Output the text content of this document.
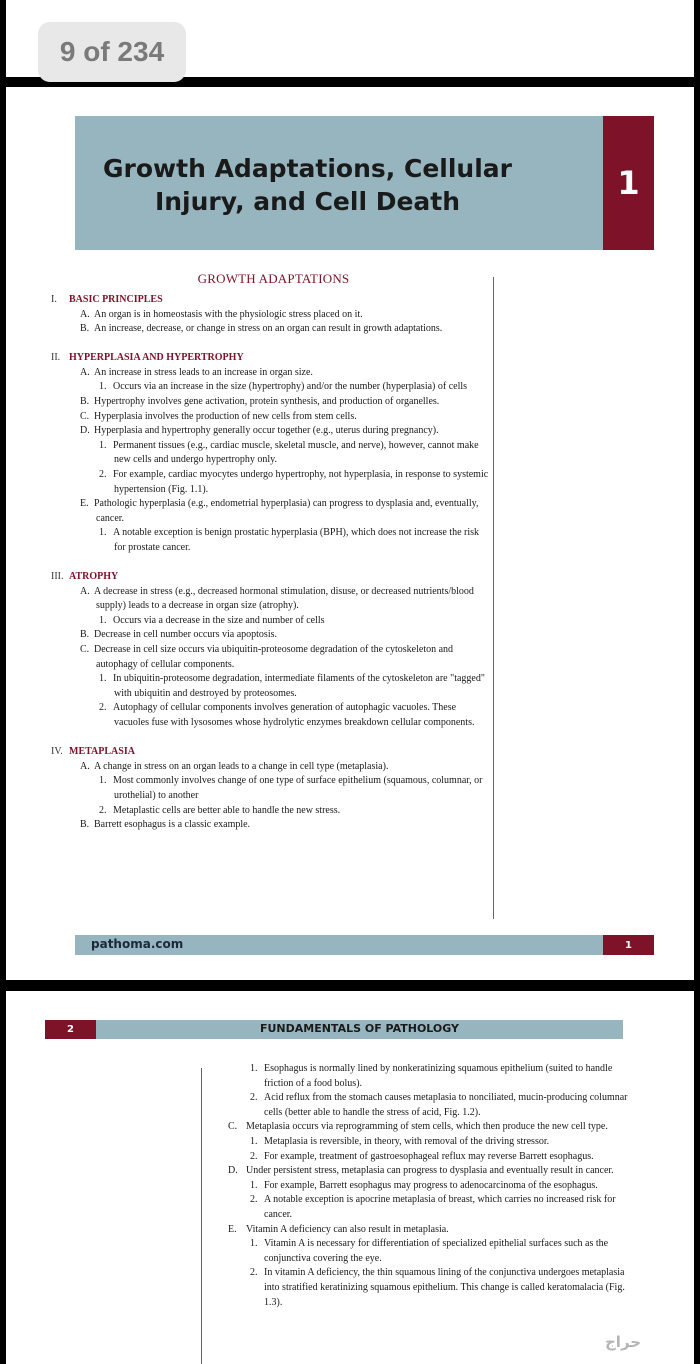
9 of 234
Growth Adaptations, Cellular
Injury, and Cell Death	1
GROWTH ADAPTATIONS
I. BASIC PRINCIPLES
A. An organ is in homeostasis with the physiologic stress placed on it.
B. An increase, decrease, or change in stress on an organ can result in growth adaptations.
II. HYPERPLASIA AND HYPERTROPHY
A. An increase in stress leads to an increase in organ size.
1. Occurs via an increase in the size (hypertrophy) and/or the number (hyperplasia) of cells
B. Hypertrophy involves gene activation, protein synthesis, and production of organelles.
C. Hyperplasia involves the production of new cells from stem cells.
D. Hyperplasia and hypertrophy generally occur together (e.g., uterus during pregnancy).
1. Permanent tissues (e.g., cardiac muscle, skeletal muscle, and nerve), however, cannot make new cells and undergo hypertrophy only.
2. For example, cardiac myocytes undergo hypertrophy, not hyperplasia, in response to systemic hypertension (Fig. 1.1).
E. Pathologic hyperplasia (e.g., endometrial hyperplasia) can progress to dysplasia and, eventually, cancer.
1. A notable exception is benign prostatic hyperplasia (BPH), which does not increase the risk for prostate cancer.
III. ATROPHY
A. A decrease in stress (e.g., decreased hormonal stimulation, disuse, or decreased nutrients/blood supply) leads to a decrease in organ size (atrophy).
1. Occurs via a decrease in the size and number of cells
B. Decrease in cell number occurs via apoptosis.
C. Decrease in cell size occurs via ubiquitin-proteosome degradation of the cytoskeleton and autophagy of cellular components.
1. In ubiquitin-proteosome degradation, intermediate filaments of the cytoskeleton are "tagged" with ubiquitin and destroyed by proteosomes.
2. Autophagy of cellular components involves generation of autophagic vacuoles. These vacuoles fuse with lysosomes whose hydrolytic enzymes breakdown cellular components.
IV. METAPLASIA
A. A change in stress on an organ leads to a change in cell type (metaplasia).
1. Most commonly involves change of one type of surface epithelium (squamous, columnar, or urothelial) to another
2. Metaplastic cells are better able to handle the new stress.
B. Barrett esophagus is a classic example.
pathoma.com	1
2	FUNDAMENTALS OF PATHOLOGY
1. Esophagus is normally lined by nonkeratinizing squamous epithelium (suited to handle friction of a food bolus).
2. Acid reflux from the stomach causes metaplasia to nonciliated, mucin-producing columnar cells (better able to handle the stress of acid, Fig. 1.2).
C. Metaplasia occurs via reprogramming of stem cells, which then produce the new cell type.
1. Metaplasia is reversible, in theory, with removal of the driving stressor.
2. For example, treatment of gastroesophageal reflux may reverse Barrett esophagus.
D. Under persistent stress, metaplasia can progress to dysplasia and eventually result in cancer.
1. For example, Barrett esophagus may progress to adenocarcinoma of the esophagus.
2. A notable exception is apocrine metaplasia of breast, which carries no increased risk for cancer.
E. Vitamin A deficiency can also result in metaplasia.
1. Vitamin A is necessary for differentiation of specialized epithelial surfaces such as the conjunctiva covering the eye.
2. In vitamin A deficiency, the thin squamous lining of the conjunctiva undergoes metaplasia into stratified keratinizing squamous epithelium. This change is called keratomalacia (Fig. 1.3).
حراج
